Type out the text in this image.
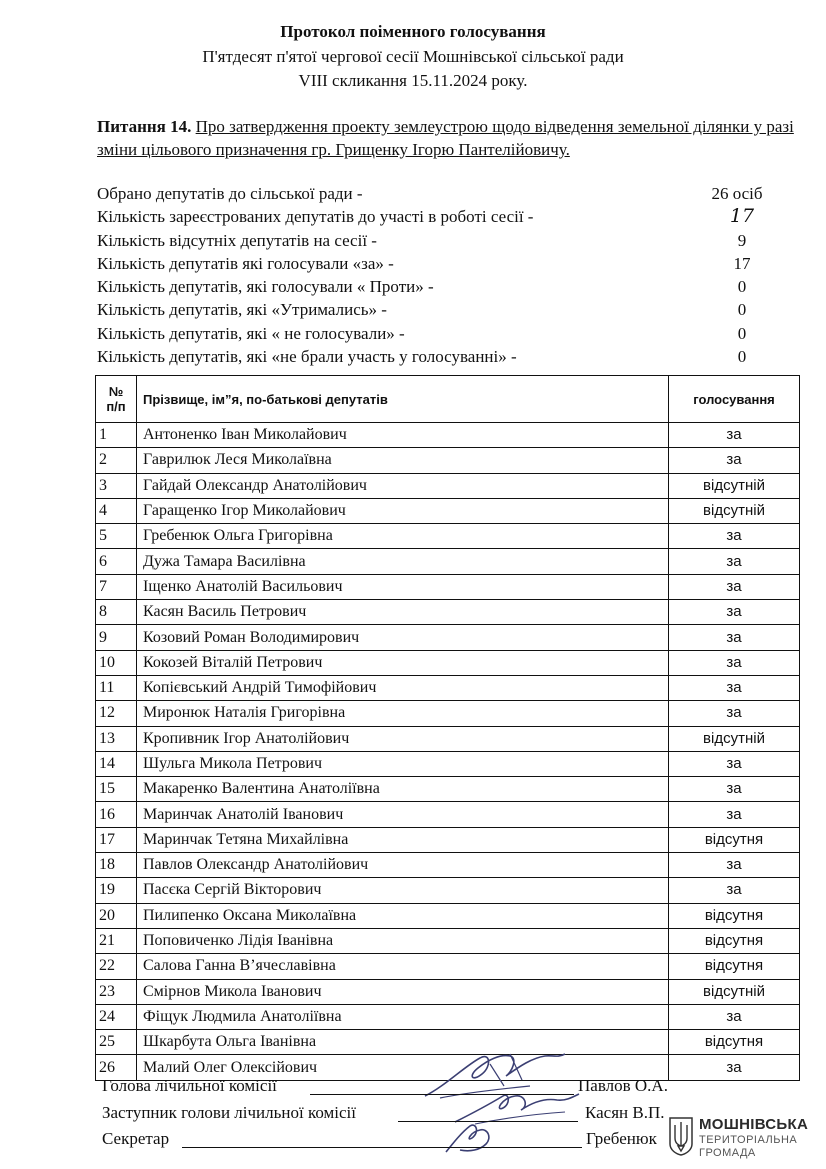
Протокол поіменного голосування
П'ятдесят п'ятої чергової сесії Мошнівської сільської ради
VIII скликання 15.11.2024 року.
Питання 14. Про затвердження проекту землеустрою щодо відведення земельної ділянки у разі зміни цільового призначення гр. Грищенку Ігорю Пантелійовичу.
Обрано депутатів до сільської ради -	26 осіб
Кількість зареєстрованих депутатів до участі в роботі сесії -	17
Кількість відсутніх депутатів на сесії -	9
Кількість депутатів які голосували «за» -	17
Кількість депутатів, які голосували « Проти» -	0
Кількість депутатів, які «Утримались» -	0
Кількість депутатів, які « не голосували» -	0
Кількість депутатів, які «не брали участь у голосуванні» -	0
№
п/п	Прізвище, ім”я, по-батькові депутатів	голосування
1	Антоненко Іван Миколайович	за
2	Гаврилюк Леся Миколаївна	за
3	Гайдай Олександр Анатолійович	відсутній
4	Гаращенко Ігор Миколайович	відсутній
5	Гребенюк Ольга Григорівна	за
6	Дужа Тамара Василівна	за
7	Іщенко Анатолій Васильович	за
8	Касян Василь Петрович	за
9	Козовий Роман Володимирович	за
10	Кокозей Віталій Петрович	за
11	Копієвський Андрій Тимофійович	за
12	Миронюк Наталія Григорівна	за
13	Кропивник Ігор Анатолійович	відсутній
14	Шульга Микола Петрович	за
15	Макаренко Валентина Анатоліївна	за
16	Маринчак Анатолій Іванович	за
17	Маринчак Тетяна Михайлівна	відсутня
18	Павлов Олександр Анатолійович	за
19	Пасєка Сергій Вікторович	за
20	Пилипенко Оксана Миколаївна	відсутня
21	Поповиченко Лідія Іванівна	відсутня
22	Салова Ганна В’ячеславівна	відсутня
23	Смірнов Микола Іванович	відсутній
24	Фіщук Людмила Анатоліївна	за
25	Шкарбута Ольга Іванівна	відсутня
26	Малий Олег Олексійович	за
Голова лічильної комісії	Павлов О.А.
Заступник голови лічильної комісії	Касян В.П.
Секретар	Гребенюк
МОШНІВСЬКА
ТЕРИТОРІАЛЬНА
ГРОМАДА
